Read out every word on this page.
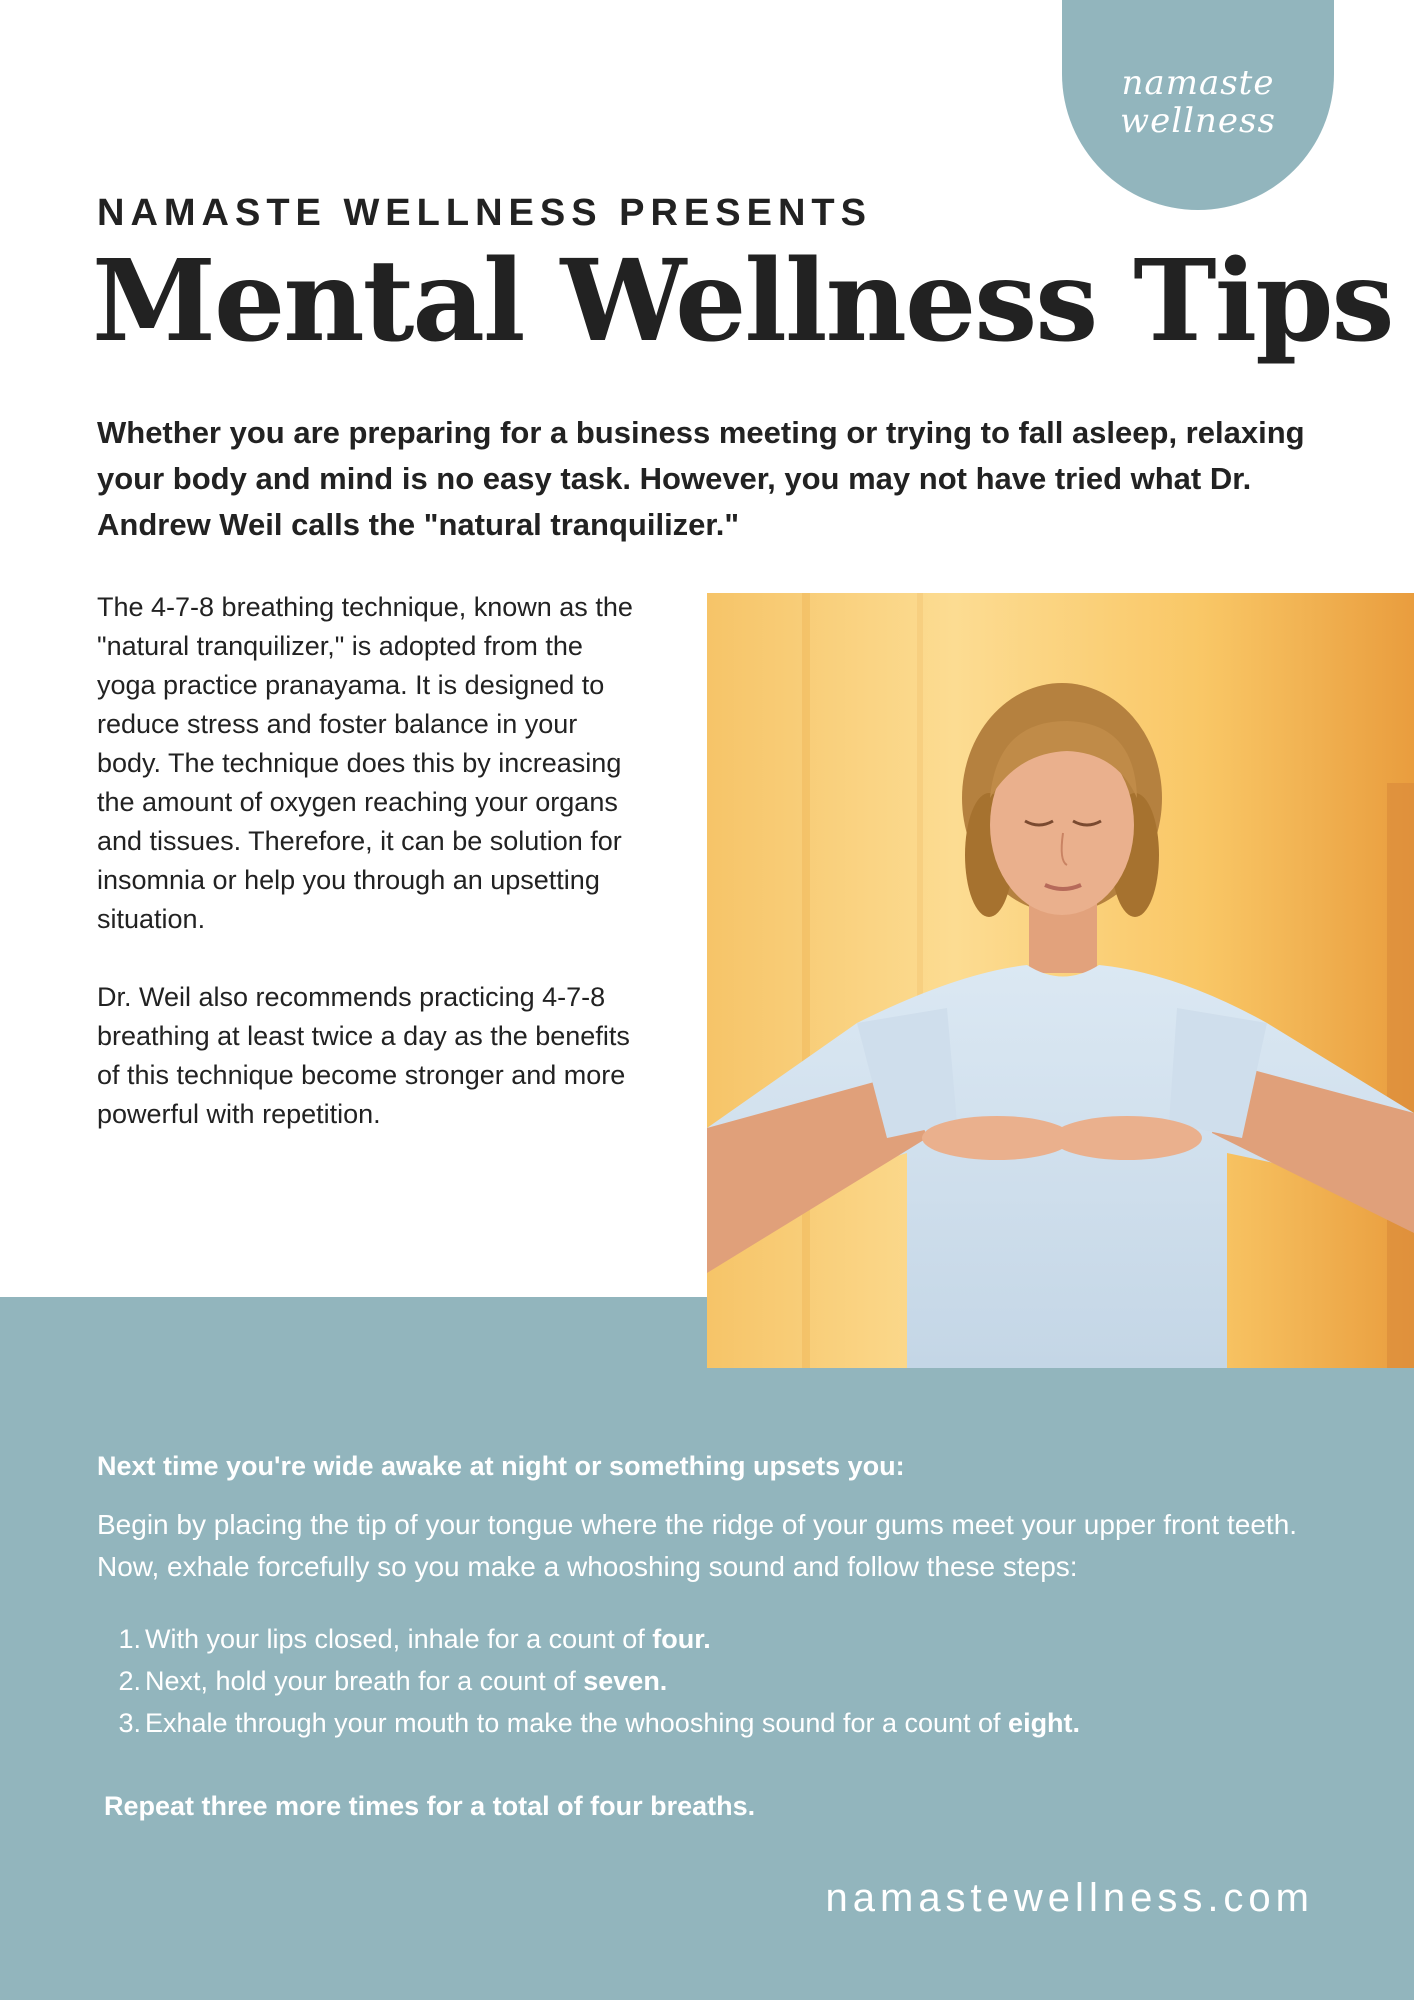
namaste
wellness
NAMASTE WELLNESS PRESENTS
Mental Wellness Tips

Whether you are preparing for a business meeting or trying to fall asleep, relaxing your body and mind is no easy task. However, you may not have tried what Dr. Andrew Weil calls the "natural tranquilizer."

The 4-7-8 breathing technique, known as the "natural tranquilizer," is adopted from the yoga practice pranayama. It is designed to reduce stress and foster balance in your body. The technique does this by increasing the amount of oxygen reaching your organs and tissues. Therefore, it can be solution for insomnia or help you through an upsetting situation.

Dr. Weil also recommends practicing 4-7-8 breathing at least twice a day as the benefits of this technique become stronger and more powerful with repetition.

Next time you're wide awake at night or something upsets you:

Begin by placing the tip of your tongue where the ridge of your gums meet your upper front teeth. Now, exhale forcefully so you make a whooshing sound and follow these steps:

1. With your lips closed, inhale for a count of four.
2. Next, hold your breath for a count of seven.
3. Exhale through your mouth to make the whooshing sound for a count of eight.
Repeat three more times for a total of four breaths.
namastewellness.com
